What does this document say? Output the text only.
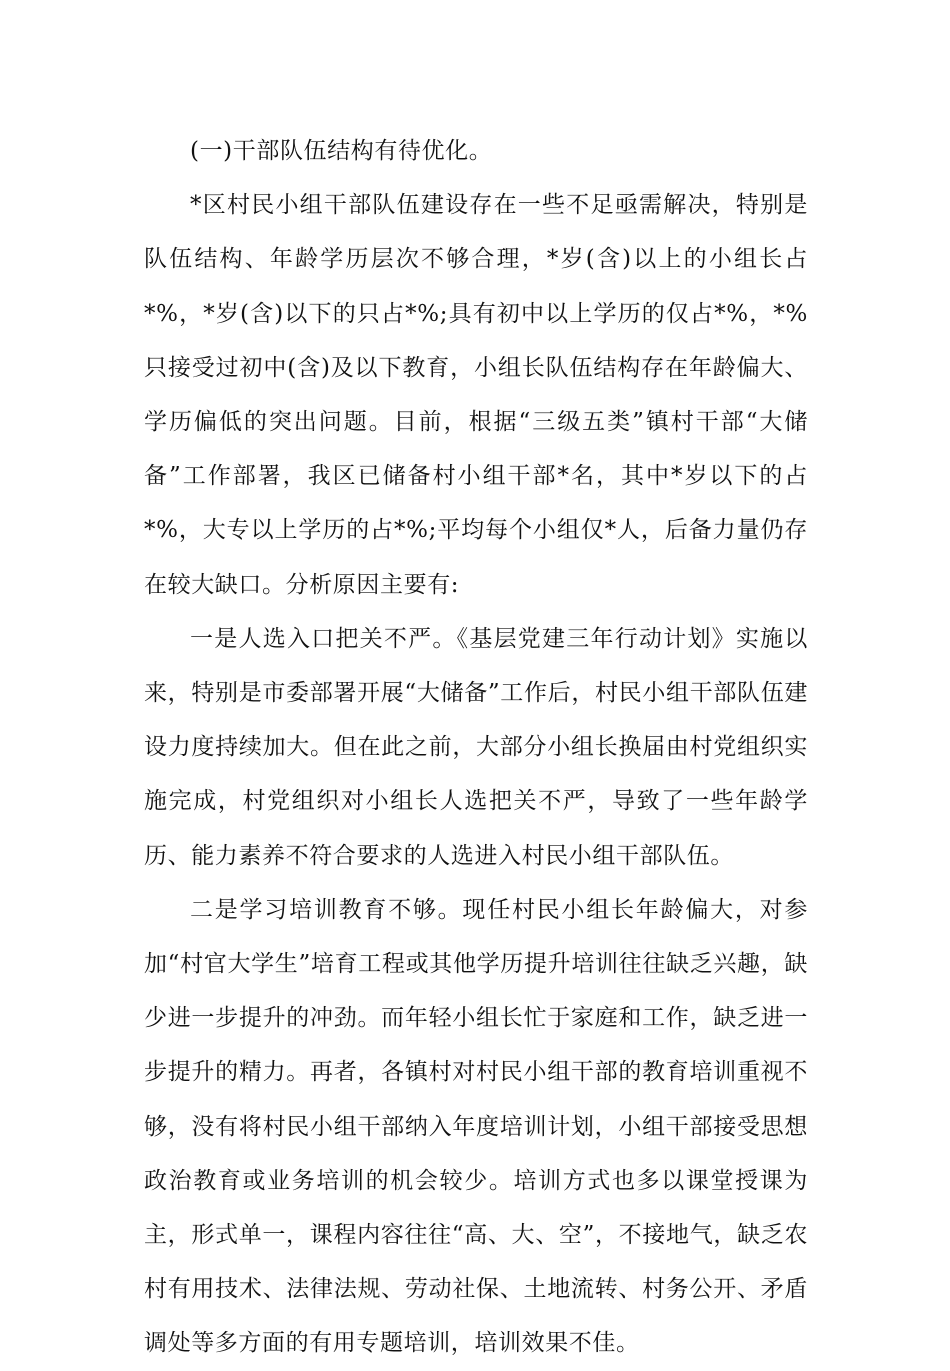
(一)干部队伍结构有待优化。

*区村民小组干部队伍建设存在一些不足亟需解决，特别是队伍结构、年龄学历层次不够合理，*岁(含)以上的小组长占*%，*岁(含)以下的只占*%;具有初中以上学历的仅占*%，*%只接受过初中(含)及以下教育，小组长队伍结构存在年龄偏大、学历偏低的突出问题。目前，根据“三级五类”镇村干部“大储备”工作部署，我区已储备村小组干部*名，其中*岁以下的占*%，大专以上学历的占*%;平均每个小组仅*人，后备力量仍存在较大缺口。分析原因主要有:

一是人选入口把关不严。《基层党建三年行动计划》实施以来，特别是市委部署开展“大储备”工作后，村民小组干部队伍建设力度持续加大。但在此之前，大部分小组长换届由村党组织实施完成，村党组织对小组长人选把关不严，导致了一些年龄学历、能力素养不符合要求的人选进入村民小组干部队伍。

二是学习培训教育不够。现任村民小组长年龄偏大，对参加“村官大学生”培育工程或其他学历提升培训往往缺乏兴趣，缺少进一步提升的冲劲。而年轻小组长忙于家庭和工作，缺乏进一步提升的精力。再者，各镇村对村民小组干部的教育培训重视不够，没有将村民小组干部纳入年度培训计划，小组干部接受思想政治教育或业务培训的机会较少。培训方式也多以课堂授课为主，形式单一，课程内容往往“高、大、空”，不接地气，缺乏农村有用技术、法律法规、劳动社保、土地流转、村务公开、矛盾调处等多方面的有用专题培训，培训效果不佳。
